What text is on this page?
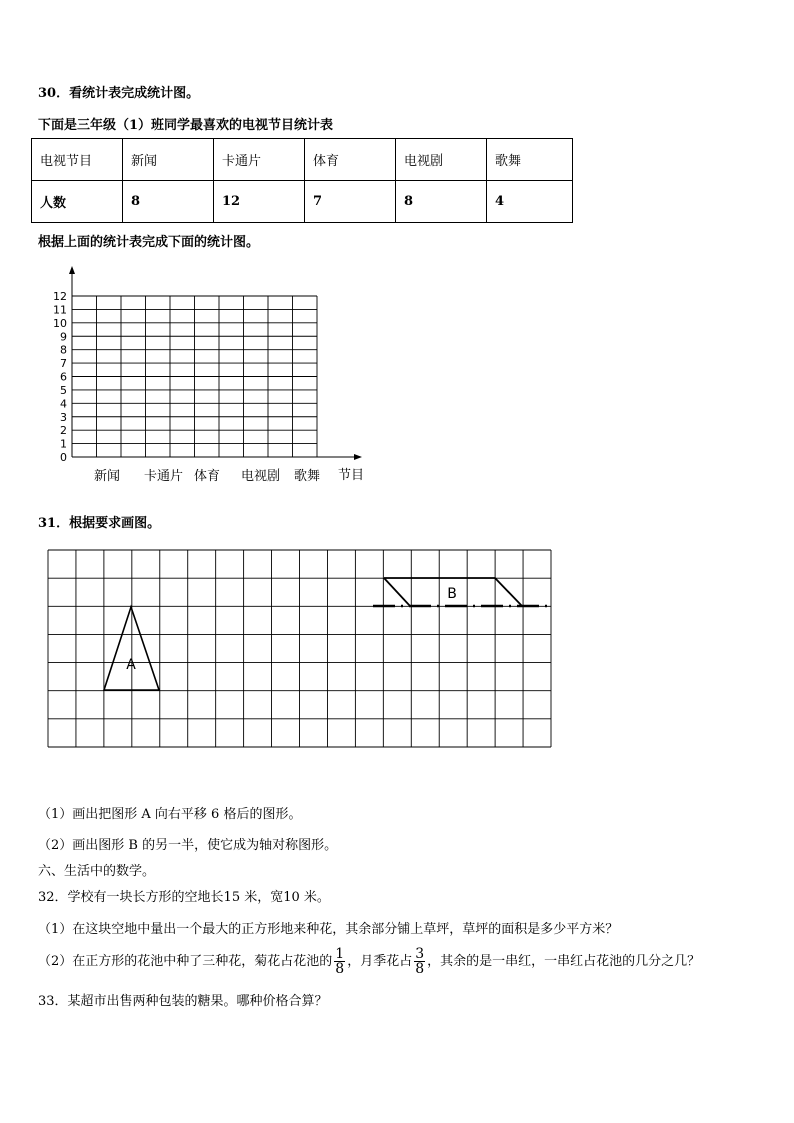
30．看统计表完成统计图。
下面是三年级（1）班同学最喜欢的电视节目统计表
电视节目	新闻	卡通片	体育	电视剧	歌舞
人数	8	12	7	8	4
根据上面的统计表完成下面的统计图。
0
1
2
3
4
5
6
7
8
9
10
11
12
新闻 卡通片 体育 电视剧 歌舞 节目
31．根据要求画图。
A
B
（1）画出把图形 A 向右平移 6 格后的图形。
（2）画出图形 B 的另一半，使它成为轴对称图形。
六、生活中的数学。
32．学校有一块长方形的空地长15 米，宽10 米。
（1）在这块空地中量出一个最大的正方形地来种花，其余部分铺上草坪，草坪的面积是多少平方米？
（2）在正方形的花池中种了三种花，菊花占花池的 $\frac{1}{8}$ ，月季花占 $\frac{3}{8}$ ，其余的是一串红，一串红占花池的几分之几？
33．某超市出售两种包装的糖果。哪种价格合算？
